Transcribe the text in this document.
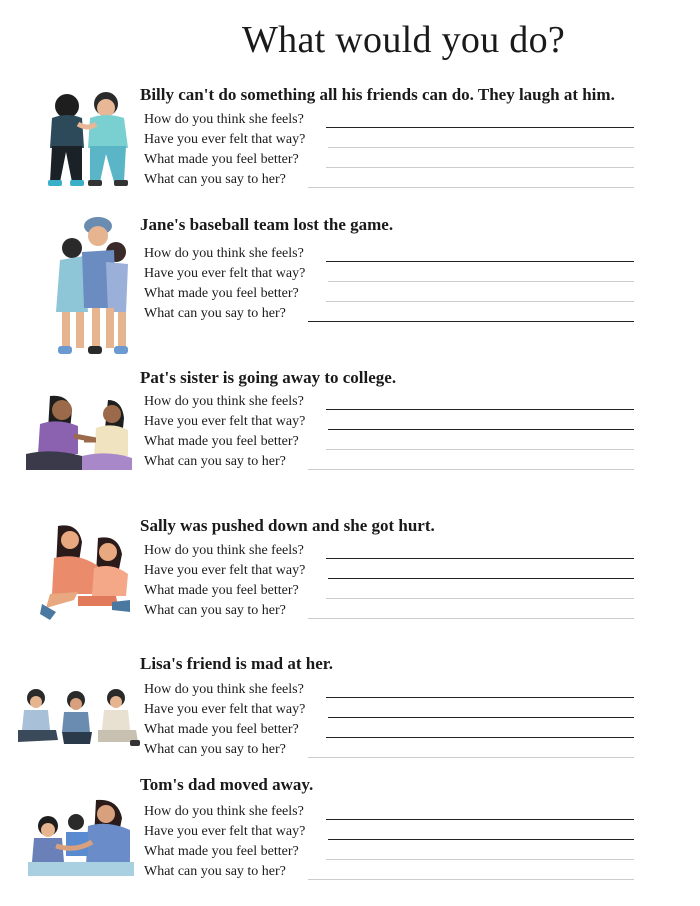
What would you do?
Billy can't do something all his friends can do. They laugh at him.
How do you think she feels?
Have you ever felt that way?
What made you feel better?
What can you say to her?
Jane's baseball team lost the game.
How do you think she feels?
Have you ever felt that way?
What made you feel better?
What can you say to her?
Pat's sister is going away to college.
How do you think she feels?
Have you ever felt that way?
What made you feel better?
What can you say to her?
Sally was pushed down and she got hurt.
How do you think she feels?
Have you ever felt that way?
What made you feel better?
What can you say to her?
Lisa's friend is mad at her.
How do you think she feels?
Have you ever felt that way?
What made you feel better?
What can you say to her?
Tom's dad moved away.
How do you think she feels?
Have you ever felt that way?
What made you feel better?
What can you say to her?
